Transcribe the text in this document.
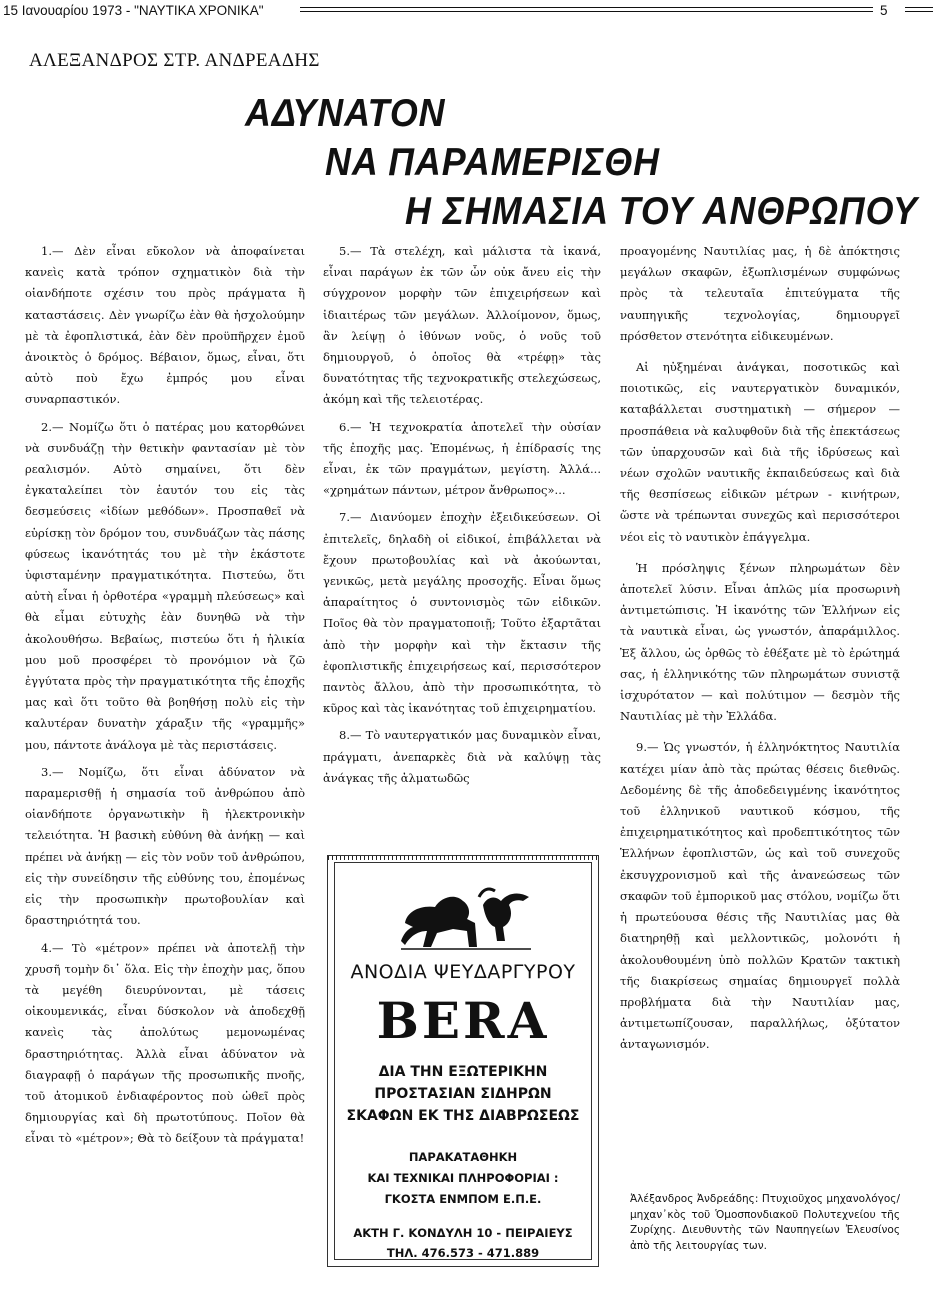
15 Ιανουαρίου 1973 - "ΝΑΥΤΙΚΑ ΧΡΟΝΙΚΑ"	5
ΑΛΕΞΑΝΔΡΟΣ ΣΤΡ. ΑΝΔΡΕΑΔΗΣ
ΑΔΥΝΑΤΟΝ
ΝΑ ΠΑΡΑΜΕΡΙΣΘΗ
Η ΣΗΜΑΣΙΑ ΤΟΥ ΑΝΘΡΩΠΟΥ

1.— Δὲν εἶναι εὔκολον νὰ ἀποφαίνεται κανεὶς κατὰ τρόπον σχηματικὸν διὰ τὴν οἱανδήποτε σχέσιν του πρὸς πράγματα ἢ καταστάσεις. Δὲν γνωρίζω ἐὰν θὰ ἠσχολούμην μὲ τὰ ἐφοπλιστικά, ἐὰν δὲν προϋπῆρχεν ἐμοῦ ἀνοικτὸς ὁ δρόμος. Βέβαιον, ὅμως, εἶναι, ὅτι αὐτὸ ποὺ ἔχω ἐμπρός μου εἶναι συναρπαστικόν.

2.— Νομίζω ὅτι ὁ πατέρας μου κατορθώνει νὰ συνδυάζῃ τὴν θετικὴν φαντασίαν μὲ τὸν ρεαλισμόν. Αὐτὸ σημαίνει, ὅτι δὲν ἐγκαταλείπει τὸν ἑαυτόν του εἰς τὰς δεσμεύσεις «ἰδίων μεθόδων». Προσπαθεῖ νὰ εὑρίσκῃ τὸν δρόμον του, συνδυάζων τὰς πάσης φύσεως ἱκανότητάς του μὲ τὴν ἑκάστοτε ὑφισταμένην πραγματικότητα. Πιστεύω, ὅτι αὐτὴ εἶναι ἡ ὀρθοτέρα «γραμμὴ πλεύσεως» καὶ θὰ εἶμαι εὐτυχὴς ἐὰν δυνηθῶ νὰ τὴν ἀκολουθήσω. Βεβαίως, πιστεύω ὅτι ἡ ἡλικία μου μοῦ προσφέρει τὸ προνόμιον νὰ ζῶ ἐγγύτατα πρὸς τὴν πραγματικότητα τῆς ἐποχῆς μας καὶ ὅτι τοῦτο θὰ βοηθήσῃ πολὺ εἰς τὴν καλυτέραν δυνατὴν χάραξιν τῆς «γραμμῆς» μου, πάντοτε ἀνάλογα μὲ τὰς περιστάσεις.

3.— Νομίζω, ὅτι εἶναι ἀδύνατον νὰ παραμερισθῇ ἡ σημασία τοῦ ἀνθρώπου ἀπὸ οἱανδήποτε ὀργανωτικὴν ἢ ἠλεκτρονικὴν τελειότητα. Ἡ βασικὴ εὐθύνη θὰ ἀνήκῃ — καὶ πρέπει νὰ ἀνήκῃ — εἰς τὸν νοῦν τοῦ ἀνθρώπου, εἰς τὴν συνείδησιν τῆς εὐθύνης του, ἐπομένως εἰς τὴν προσωπικὴν πρωτοβουλίαν καὶ δραστηριότητά του.

4.— Τὸ «μέτρον» πρέπει νὰ ἀποτελῇ τὴν χρυσῆ τομὴν δι᾽ ὅλα. Εἰς τὴν ἐποχὴν μας, ὅπου τὰ μεγέθη διευρύνονται, μὲ τάσεις οἰκουμενικάς, εἶναι δύσκολον νὰ ἀποδεχθῇ κανεὶς τὰς ἀπολύτως μεμονωμένας δραστηριότητας. Ἀλλὰ εἶναι ἀδύνατον νὰ διαγραφῇ ὁ παράγων τῆς προσωπικῆς πνοῆς, τοῦ ἀτομικοῦ ἐνδιαφέροντος ποὺ ὠθεῖ πρὸς δημιουργίας καὶ δὴ πρωτοτύπους. Ποῖον θὰ εἶναι τὸ «μέτρον»; Θὰ τὸ δείξουν τὰ πράγματα!

5.— Τὰ στελέχη, καὶ μάλιστα τὰ ἱκανά, εἶναι παράγων ἐκ τῶν ὧν οὐκ ἄνευ εἰς τὴν σύγχρονον μορφὴν τῶν ἐπιχειρήσεων καὶ ἰδιαιτέρως τῶν μεγάλων. Ἀλλοίμονον, ὅμως, ἂν λείψῃ ὁ ἰθύνων νοῦς, ὁ νοῦς τοῦ δημιουργοῦ, ὁ ὁποῖος θὰ «τρέφῃ» τὰς δυνατότητας τῆς τεχνοκρατικῆς στελεχώσεως, ἀκόμη καὶ τῆς τελειοτέρας.

6.— Ἡ τεχνοκρατία ἀποτελεῖ τὴν οὐσίαν τῆς ἐποχῆς μας. Ἑπομένως, ἡ ἐπίδρασίς της εἶναι, ἐκ τῶν πραγμάτων, μεγίστη. Ἀλλά... «χρημάτων πάντων, μέτρον ἄνθρωπος»...

7.— Διανύομεν ἐποχὴν ἐξειδικεύσεων. Οἱ ἐπιτελεῖς, δηλαδὴ οἱ εἰδικοί, ἐπιβάλλεται νὰ ἔχουν πρωτοβουλίας καὶ νὰ ἀκούωνται, γενικῶς, μετὰ μεγάλης προσοχῆς. Εἶναι ὅμως ἀπαραίτητος ὁ συντονισμὸς τῶν εἰδικῶν. Ποῖος θὰ τὸν πραγματοποιῇ; Τοῦτο ἐξαρτᾶται ἀπὸ τὴν μορφὴν καὶ τὴν ἔκτασιν τῆς ἐφοπλιστικῆς ἐπιχειρήσεως καί, περισσότερον παντὸς ἄλλου, ἀπὸ τὴν προσωπικότητα, τὸ κῦρος καὶ τὰς ἱκανότητας τοῦ ἐπιχειρηματίου.

8.— Τὸ ναυτεργατικόν μας δυναμικὸν εἶναι, πράγματι, ἀνεπαρκὲς διὰ νὰ καλύψῃ τὰς ἀνάγκας τῆς ἀλματωδῶς

προαγομένης Ναυτιλίας μας, ἡ δὲ ἀπόκτησις μεγάλων σκαφῶν, ἐξωπλισμένων συμφώνως πρὸς τὰ τελευταῖα ἐπιτεύγματα τῆς ναυπηγικῆς τεχνολογίας, δημιουργεῖ πρόσθετον στενότητα εἰδικευμένων.

Αἱ ηὐξημέναι ἀνάγκαι, ποσοτικῶς καὶ ποιοτικῶς, εἰς ναυτεργατικὸν δυναμικόν, καταβάλλεται συστηματικὴ — σήμερον — προσπάθεια νὰ καλυφθοῦν διὰ τῆς ἐπεκτάσεως τῶν ὑπαρχουσῶν καὶ διὰ τῆς ἱδρύσεως καὶ νέων σχολῶν ναυτικῆς ἐκπαιδεύσεως καὶ διὰ τῆς θεσπίσεως εἰδικῶν μέτρων - κινήτρων, ὥστε νὰ τρέπωνται συνεχῶς καὶ περισσότεροι νέοι εἰς τὸ ναυτικὸν ἐπάγγελμα.

Ἡ πρόσληψις ξένων πληρωμάτων δὲν ἀποτελεῖ λύσιν. Εἶναι ἁπλῶς μία προσωρινὴ ἀντιμετώπισις. Ἡ ἱκανότης τῶν Ἑλλήνων εἰς τὰ ναυτικὰ εἶναι, ὡς γνωστόν, ἀπαράμιλλος. Ἐξ ἄλλου, ὡς ὀρθῶς τὸ ἐθέξατε μὲ τὸ ἐρώτημά σας, ἡ ἑλληνικότης τῶν πληρωμάτων συνιστᾷ ἰσχυρότατον — καὶ πολύτιμον — δεσμὸν τῆς Ναυτιλίας μὲ τὴν Ἑλλάδα.

9.— Ὡς γνωστόν, ἡ ἑλληνόκτητος Ναυτιλία κατέχει μίαν ἀπὸ τὰς πρώτας θέσεις διεθνῶς. Δεδομένης δὲ τῆς ἀποδεδειγμένης ἱκανότητος τοῦ ἑλληνικοῦ ναυτικοῦ κόσμου, τῆς ἐπιχειρηματικότητος καὶ προδεπτικότητος τῶν Ἑλλήνων ἐφοπλιστῶν, ὡς καὶ τοῦ συνεχοῦς ἐκσυγχρονισμοῦ καὶ τῆς ἀνανεώσεως τῶν σκαφῶν τοῦ ἐμπορικοῦ μας στόλου, νομίζω ὅτι ἡ πρωτεύουσα θέσις τῆς Ναυτιλίας μας θὰ διατηρηθῇ καὶ μελλοντικῶς, μολονότι ἡ ἀκολουθουμένη ὑπὸ πολλῶν Κρατῶν τακτικὴ τῆς διακρίσεως σημαίας δημιουργεῖ πολλὰ προβλήματα διὰ τὴν Ναυτιλίαν μας, ἀντιμετωπίζουσαν, παραλλήλως, ὀξύτατον ἀνταγωνισμόν.

ΑΝΟΔΙΑ ΨΕΥΔΑΡΓΥΡΟΥ
BERA
ΔΙΑ ΤΗΝ ΕΞΩΤΕΡΙΚΗΝ
ΠΡΟΣΤΑΣΙΑΝ ΣΙΔΗΡΩΝ
ΣΚΑΦΩΝ ΕΚ ΤΗΣ ΔΙΑΒΡΩΣΕΩΣ
ΠΑΡΑΚΑΤΑΘΗΚΗ
ΚΑΙ ΤΕΧΝΙΚΑΙ ΠΛΗΡΟΦΟΡΙΑΙ :
ΓΚΟΣΤΑ ΕΝΜΠΟΜ Ε.Π.Ε.
ΑΚΤΗ Γ. ΚΟΝΔΥΛΗ 10 - ΠΕΙΡΑΙΕΥΣ
ΤΗΛ. 476.573 - 471.889
Ἀλέξανδρος Ἀνδρεάδης: Πτυχιοῦχος μηχανολόγος/μηχαν᾽κὸς τοῦ Ὁμοσπονδιακοῦ Πολυτεχνείου τῆς Ζυρίχης. Διευθυντὴς τῶν Ναυπηγείων Ἐλευσίνος ἀπὸ τῆς λειτουργίας των.
